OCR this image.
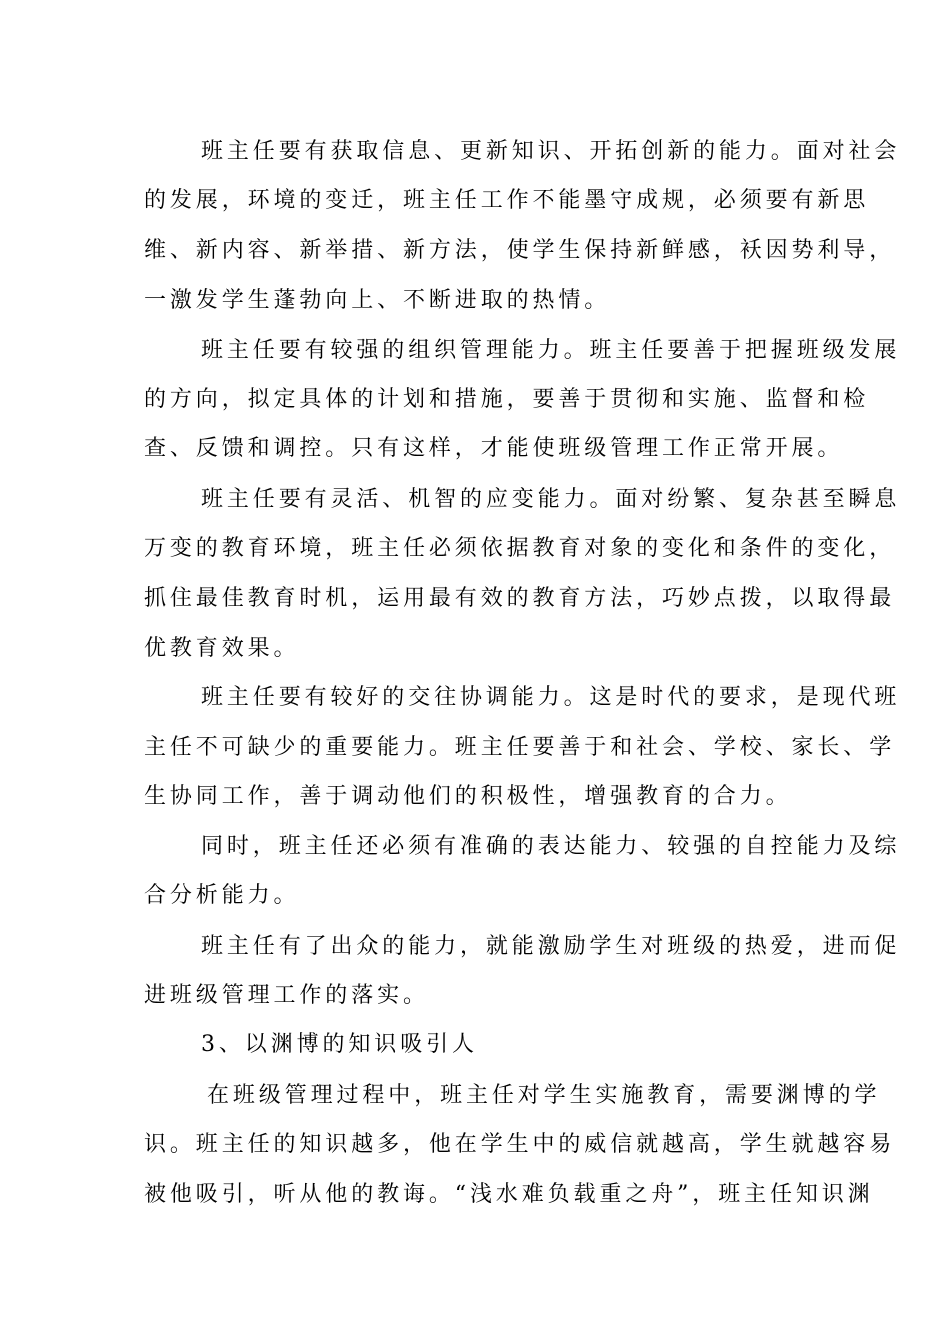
班主任要有获取信息、更新知识、开拓创新的能力。面对社会
的发展，环境的变迁，班主任工作不能墨守成规，必须要有新思
维、新内容、新举措、新方法，使学生保持新鲜感，袄因势利导，
一激发学生蓬勃向上、不断进取的热情。
班主任要有较强的组织管理能力。班主任要善于把握班级发展
的方向，拟定具体的计划和措施，要善于贯彻和实施、监督和检
查、反馈和调控。只有这样，才能使班级管理工作正常开展。
班主任要有灵活、机智的应变能力。面对纷繁、复杂甚至瞬息
万变的教育环境，班主任必须依据教育对象的变化和条件的变化，
抓住最佳教育时机，运用最有效的教育方法，巧妙点拨，以取得最
优教育效果。
班主任要有较好的交往协调能力。这是时代的要求，是现代班
主任不可缺少的重要能力。班主任要善于和社会、学校、家长、学
生协同工作，善于调动他们的积极性，增强教育的合力。
同时，班主任还必须有准确的表达能力、较强的自控能力及综
合分析能力。
班主任有了出众的能力，就能激励学生对班级的热爱，进而促
进班级管理工作的落实。
3、以渊博的知识吸引人
在班级管理过程中，班主任对学生实施教育，需要渊博的学
识。班主任的知识越多，他在学生中的威信就越高，学生就越容易
被他吸引，听从他的教诲。“浅水难负载重之舟”，班主任知识渊
